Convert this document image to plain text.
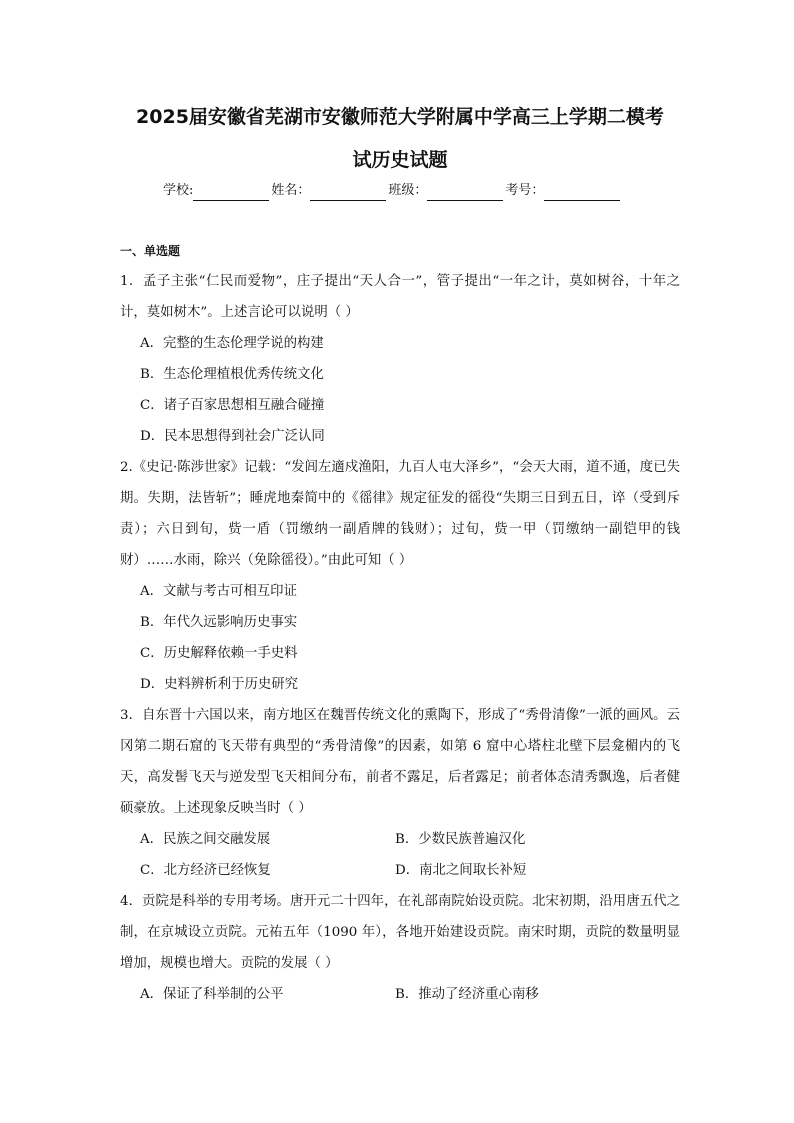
2025届安徽省芜湖市安徽师范大学附属中学高三上学期二模考
试历史试题
学校:	姓名：	班级：	考号：
一、单选题

1．孟子主张“仁民而爱物”，庄子提出“天人合一”，管子提出“一年之计，莫如树谷，十年之计，莫如树木”。上述言论可以说明（ ）

A．完整的生态伦理学说的构建

B．生态伦理植根优秀传统文化

C．诸子百家思想相互融合碰撞

D．民本思想得到社会广泛认同

2.《史记·陈涉世家》记载：“发闾左適戍渔阳，九百人屯大泽乡”，“会天大雨，道不通，度已失期。失期，法皆斩”；睡虎地秦简中的《徭律》规定征发的徭役“失期三日到五日，谇（受到斥责）；六日到旬，赀一盾（罚缴纳一副盾牌的钱财）；过旬，赀一甲（罚缴纳一副铠甲的钱财）……水雨，除兴（免除徭役）。”由此可知（ ）

A．文献与考古可相互印证

B．年代久远影响历史事实

C．历史解释依赖一手史料

D．史料辨析利于历史研究

3．自东晋十六国以来，南方地区在魏晋传统文化的熏陶下，形成了“秀骨清像”一派的画风。云冈第二期石窟的飞天带有典型的“秀骨清像”的因素，如第 6 窟中心塔柱北壁下层龛楣内的飞天，高发髻飞天与逆发型飞天相间分布，前者不露足，后者露足；前者体态清秀飘逸，后者健硕豪放。上述现象反映当时（ ）

A．民族之间交融发展	B．少数民族普遍汉化
C．北方经济已经恢复	D．南北之间取长补短

4．贡院是科举的专用考场。唐开元二十四年，在礼部南院始设贡院。北宋初期，沿用唐五代之制，在京城设立贡院。元祐五年（1090 年），各地开始建设贡院。南宋时期，贡院的数量明显增加，规模也增大。贡院的发展（ ）

A．保证了科举制的公平	B．推动了经济重心南移
